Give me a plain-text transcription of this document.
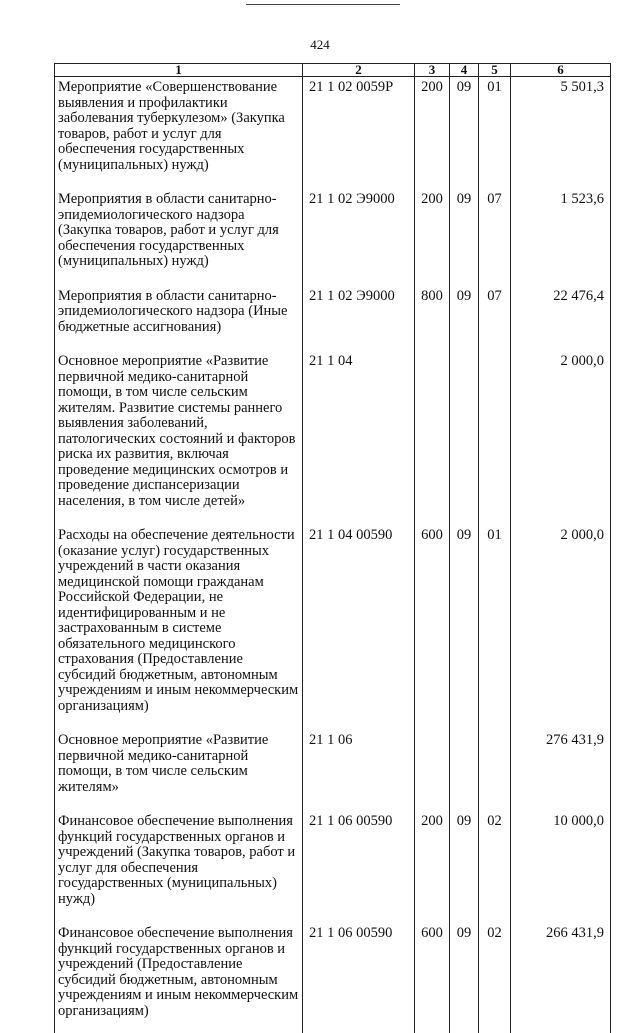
424
1	2	3	4	5	6
Мероприятие «Совершенствование выявления и профилактики заболевания туберкулезом» (Закупка товаров, работ и услуг для обеспечения государственных (муниципальных) нужд)	21 1 02 0059Р	200	09	01	5 501,3
Мероприятия в области санитарно-эпидемиологического надзора (Закупка товаров, работ и услуг для обеспечения государственных (муниципальных) нужд)	21 1 02 Э9000	200	09	07	1 523,6
Мероприятия в области санитарно-эпидемиологического надзора (Иные бюджетные ассигнования)	21 1 02 Э9000	800	09	07	22 476,4
Основное мероприятие «Развитие первичной медико-санитарной помощи, в том числе сельским жителям. Развитие системы раннего выявления заболеваний, патологических состояний и факторов риска их развития, включая проведение медицинских осмотров и проведение диспансеризации населения, в том числе детей»	21 1 04				2 000,0
Расходы на обеспечение деятельности (оказание услуг) государственных учреждений в части оказания медицинской помощи гражданам Российской Федерации, не идентифицированным и не застрахованным в системе обязательного медицинского страхования (Предоставление субсидий бюджетным, автономным учреждениям и иным некоммерческим организациям)	21 1 04 00590	600	09	01	2 000,0
Основное мероприятие «Развитие первичной медико-санитарной помощи, в том числе сельским жителям»	21 1 06				276 431,9
Финансовое обеспечение выполнения функций государственных органов и учреждений (Закупка товаров, работ и услуг для обеспечения государственных (муниципальных) нужд)	21 1 06 00590	200	09	02	10 000,0
Финансовое обеспечение выполнения функций государственных органов и учреждений (Предоставление субсидий бюджетным, автономным учреждениям и иным некоммерческим организациям)	21 1 06 00590	600	09	02	266 431,9
